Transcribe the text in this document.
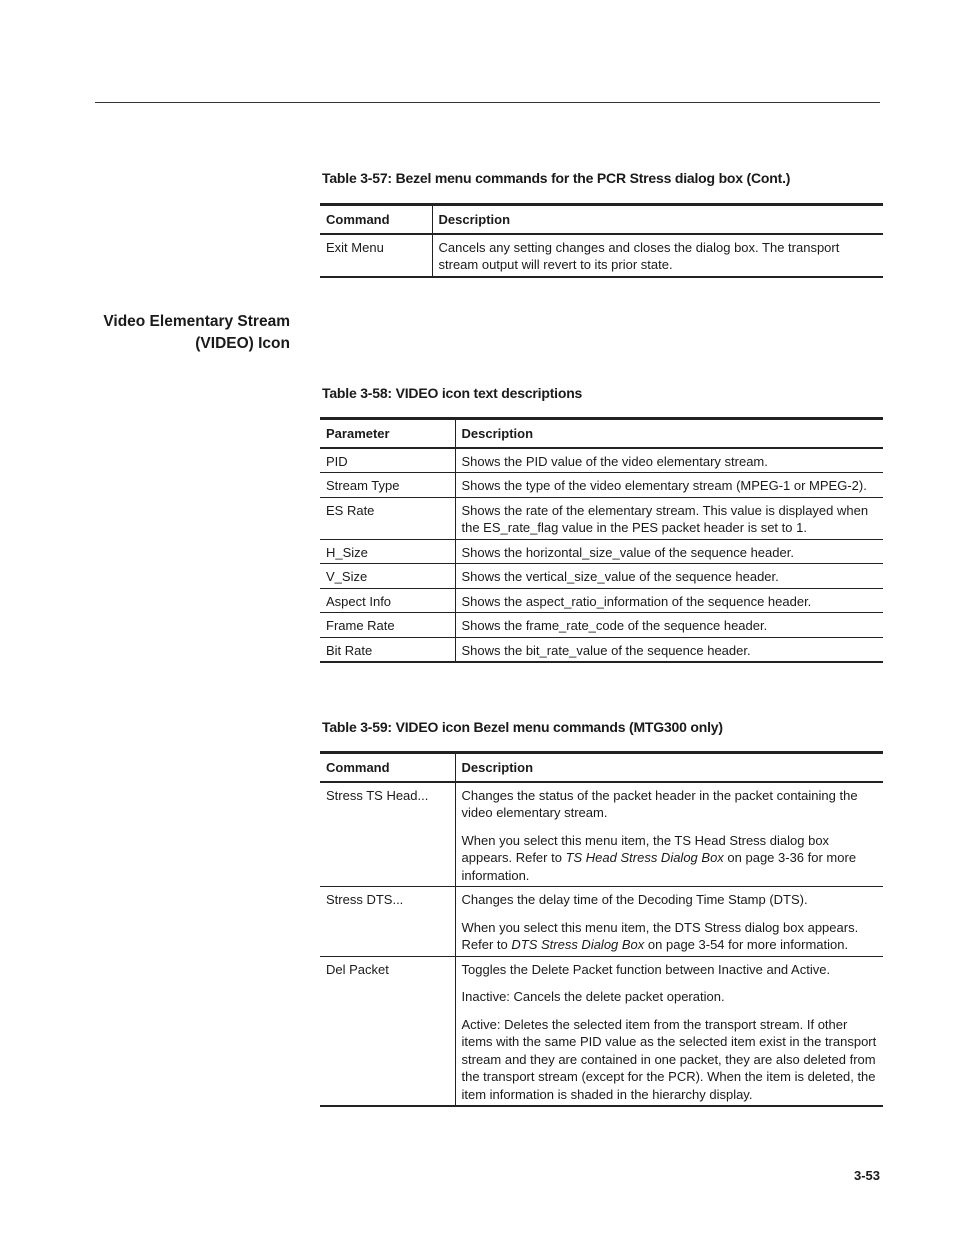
Table 3-57: Bezel menu commands for the PCR Stress dialog box (Cont.)
Command	Description
Exit Menu	Cancels any setting changes and closes the dialog box. The transport stream output will revert to its prior state.
Video Elementary Stream
(VIDEO) Icon
Table 3-58: VIDEO icon text descriptions
Parameter	Description
PID	Shows the PID value of the video elementary stream.
Stream Type	Shows the type of the video elementary stream (MPEG-1 or MPEG-2).
ES Rate	Shows the rate of the elementary stream. This value is displayed when the ES_rate_flag value in the PES packet header is set to 1.
H_Size	Shows the horizontal_size_value of the sequence header.
V_Size	Shows the vertical_size_value of the sequence header.
Aspect Info	Shows the aspect_ratio_information of the sequence header.
Frame Rate	Shows the frame_rate_code of the sequence header.
Bit Rate	Shows the bit_rate_value of the sequence header.
Table 3-59: VIDEO icon Bezel menu commands (MTG300 only)
Command	Description
Stress TS Head...	Changes the status of the packet header in the packet containing the video elementary stream.

When you select this menu item, the TS Head Stress dialog box appears. Refer to TS Head Stress Dialog Box on page 3-36 for more information.

Stress DTS...	Changes the delay time of the Decoding Time Stamp (DTS).

When you select this menu item, the DTS Stress dialog box appears. Refer to DTS Stress Dialog Box on page 3-54 for more information.

Del Packet	Toggles the Delete Packet function between Inactive and Active.

Inactive: Cancels the delete packet operation.

Active: Deletes the selected item from the transport stream. If other items with the same PID value as the selected item exist in the transport stream and they are contained in one packet, they are also deleted from the transport stream (except for the PCR). When the item is deleted, the item information is shaded in the hierarchy display.

3-53
